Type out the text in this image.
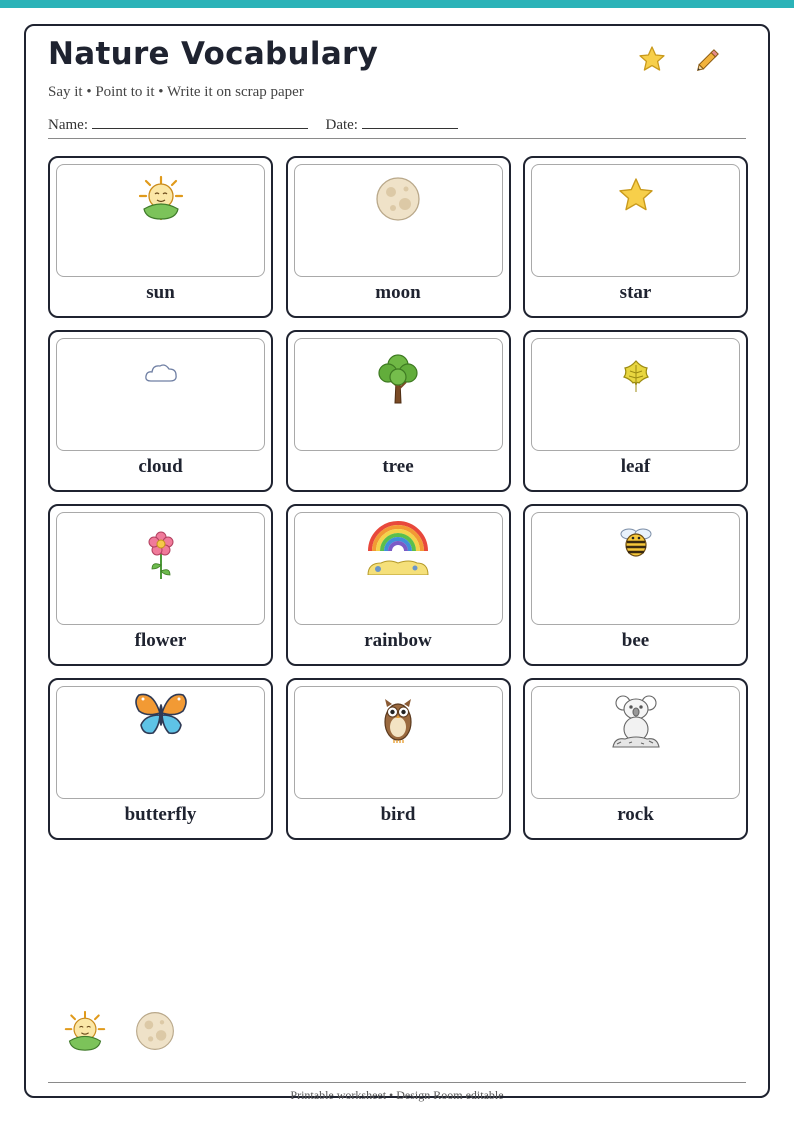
Nature Vocabulary
Say it • Point to it • Write it on scrap paper
Name:	Date:
sun	moon	star
cloud	tree	leaf
flower	rainbow	bee
butterfly	bird	rock
Printable worksheet • Design Room editable
